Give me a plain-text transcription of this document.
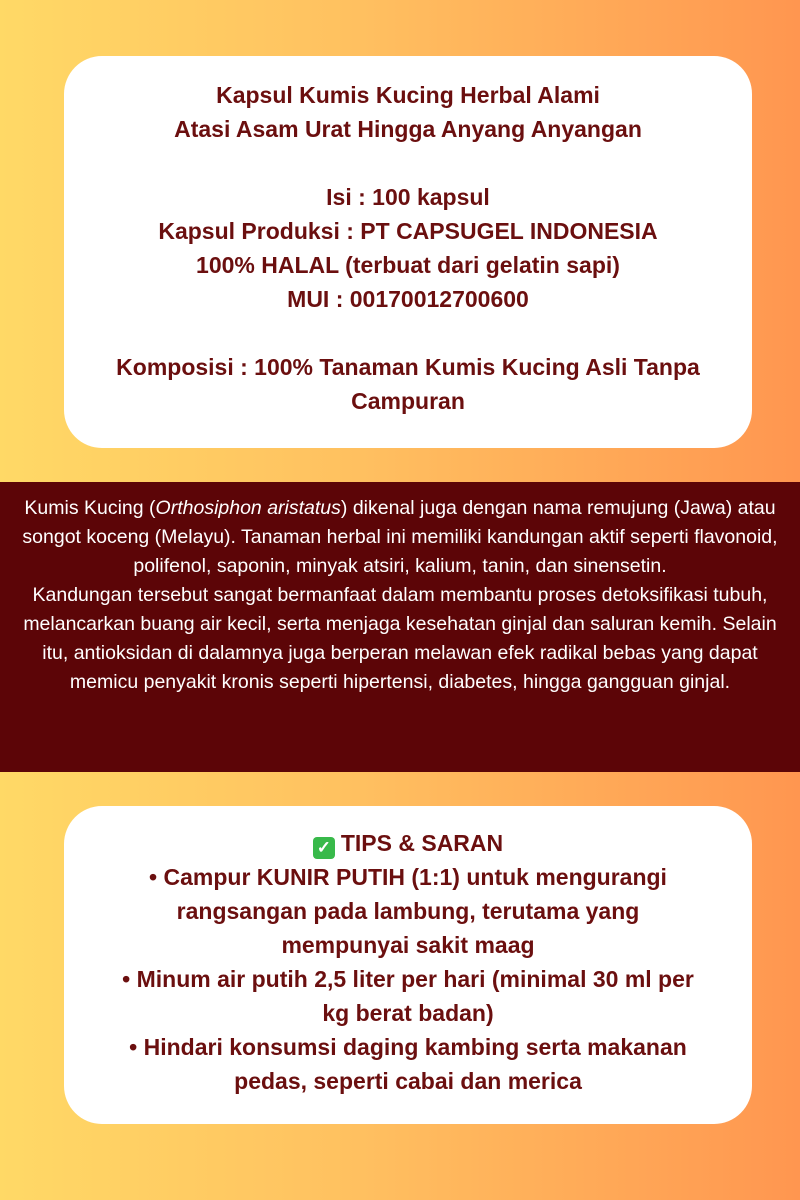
Kapsul Kumis Kucing Herbal Alami
Atasi Asam Urat Hingga Anyang Anyangan
Isi : 100 kapsul
Kapsul Produksi : PT CAPSUGEL INDONESIA
100% HALAL (terbuat dari gelatin sapi)
MUI : 00170012700600
Komposisi : 100% Tanaman Kumis Kucing Asli Tanpa
Campuran

Kumis Kucing (Orthosiphon aristatus) dikenal juga dengan nama remujung (Jawa) atau songot koceng (Melayu). Tanaman herbal ini memiliki kandungan aktif seperti flavonoid, polifenol, saponin, minyak atsiri, kalium, tanin, dan sinensetin.

Kandungan tersebut sangat bermanfaat dalam membantu proses detoksifikasi tubuh, melancarkan buang air kecil, serta menjaga kesehatan ginjal dan saluran kemih. Selain itu, antioksidan di dalamnya juga berperan melawan efek radikal bebas yang dapat memicu penyakit kronis seperti hipertensi, diabetes, hingga gangguan ginjal.

✓ TIPS & SARAN
• Campur KUNIR PUTIH (1:1) untuk mengurangi
rangsangan pada lambung, terutama yang
mempunyai sakit maag
• Minum air putih 2,5 liter per hari (minimal 30 ml per
kg berat badan)
• Hindari konsumsi daging kambing serta makanan
pedas, seperti cabai dan merica
